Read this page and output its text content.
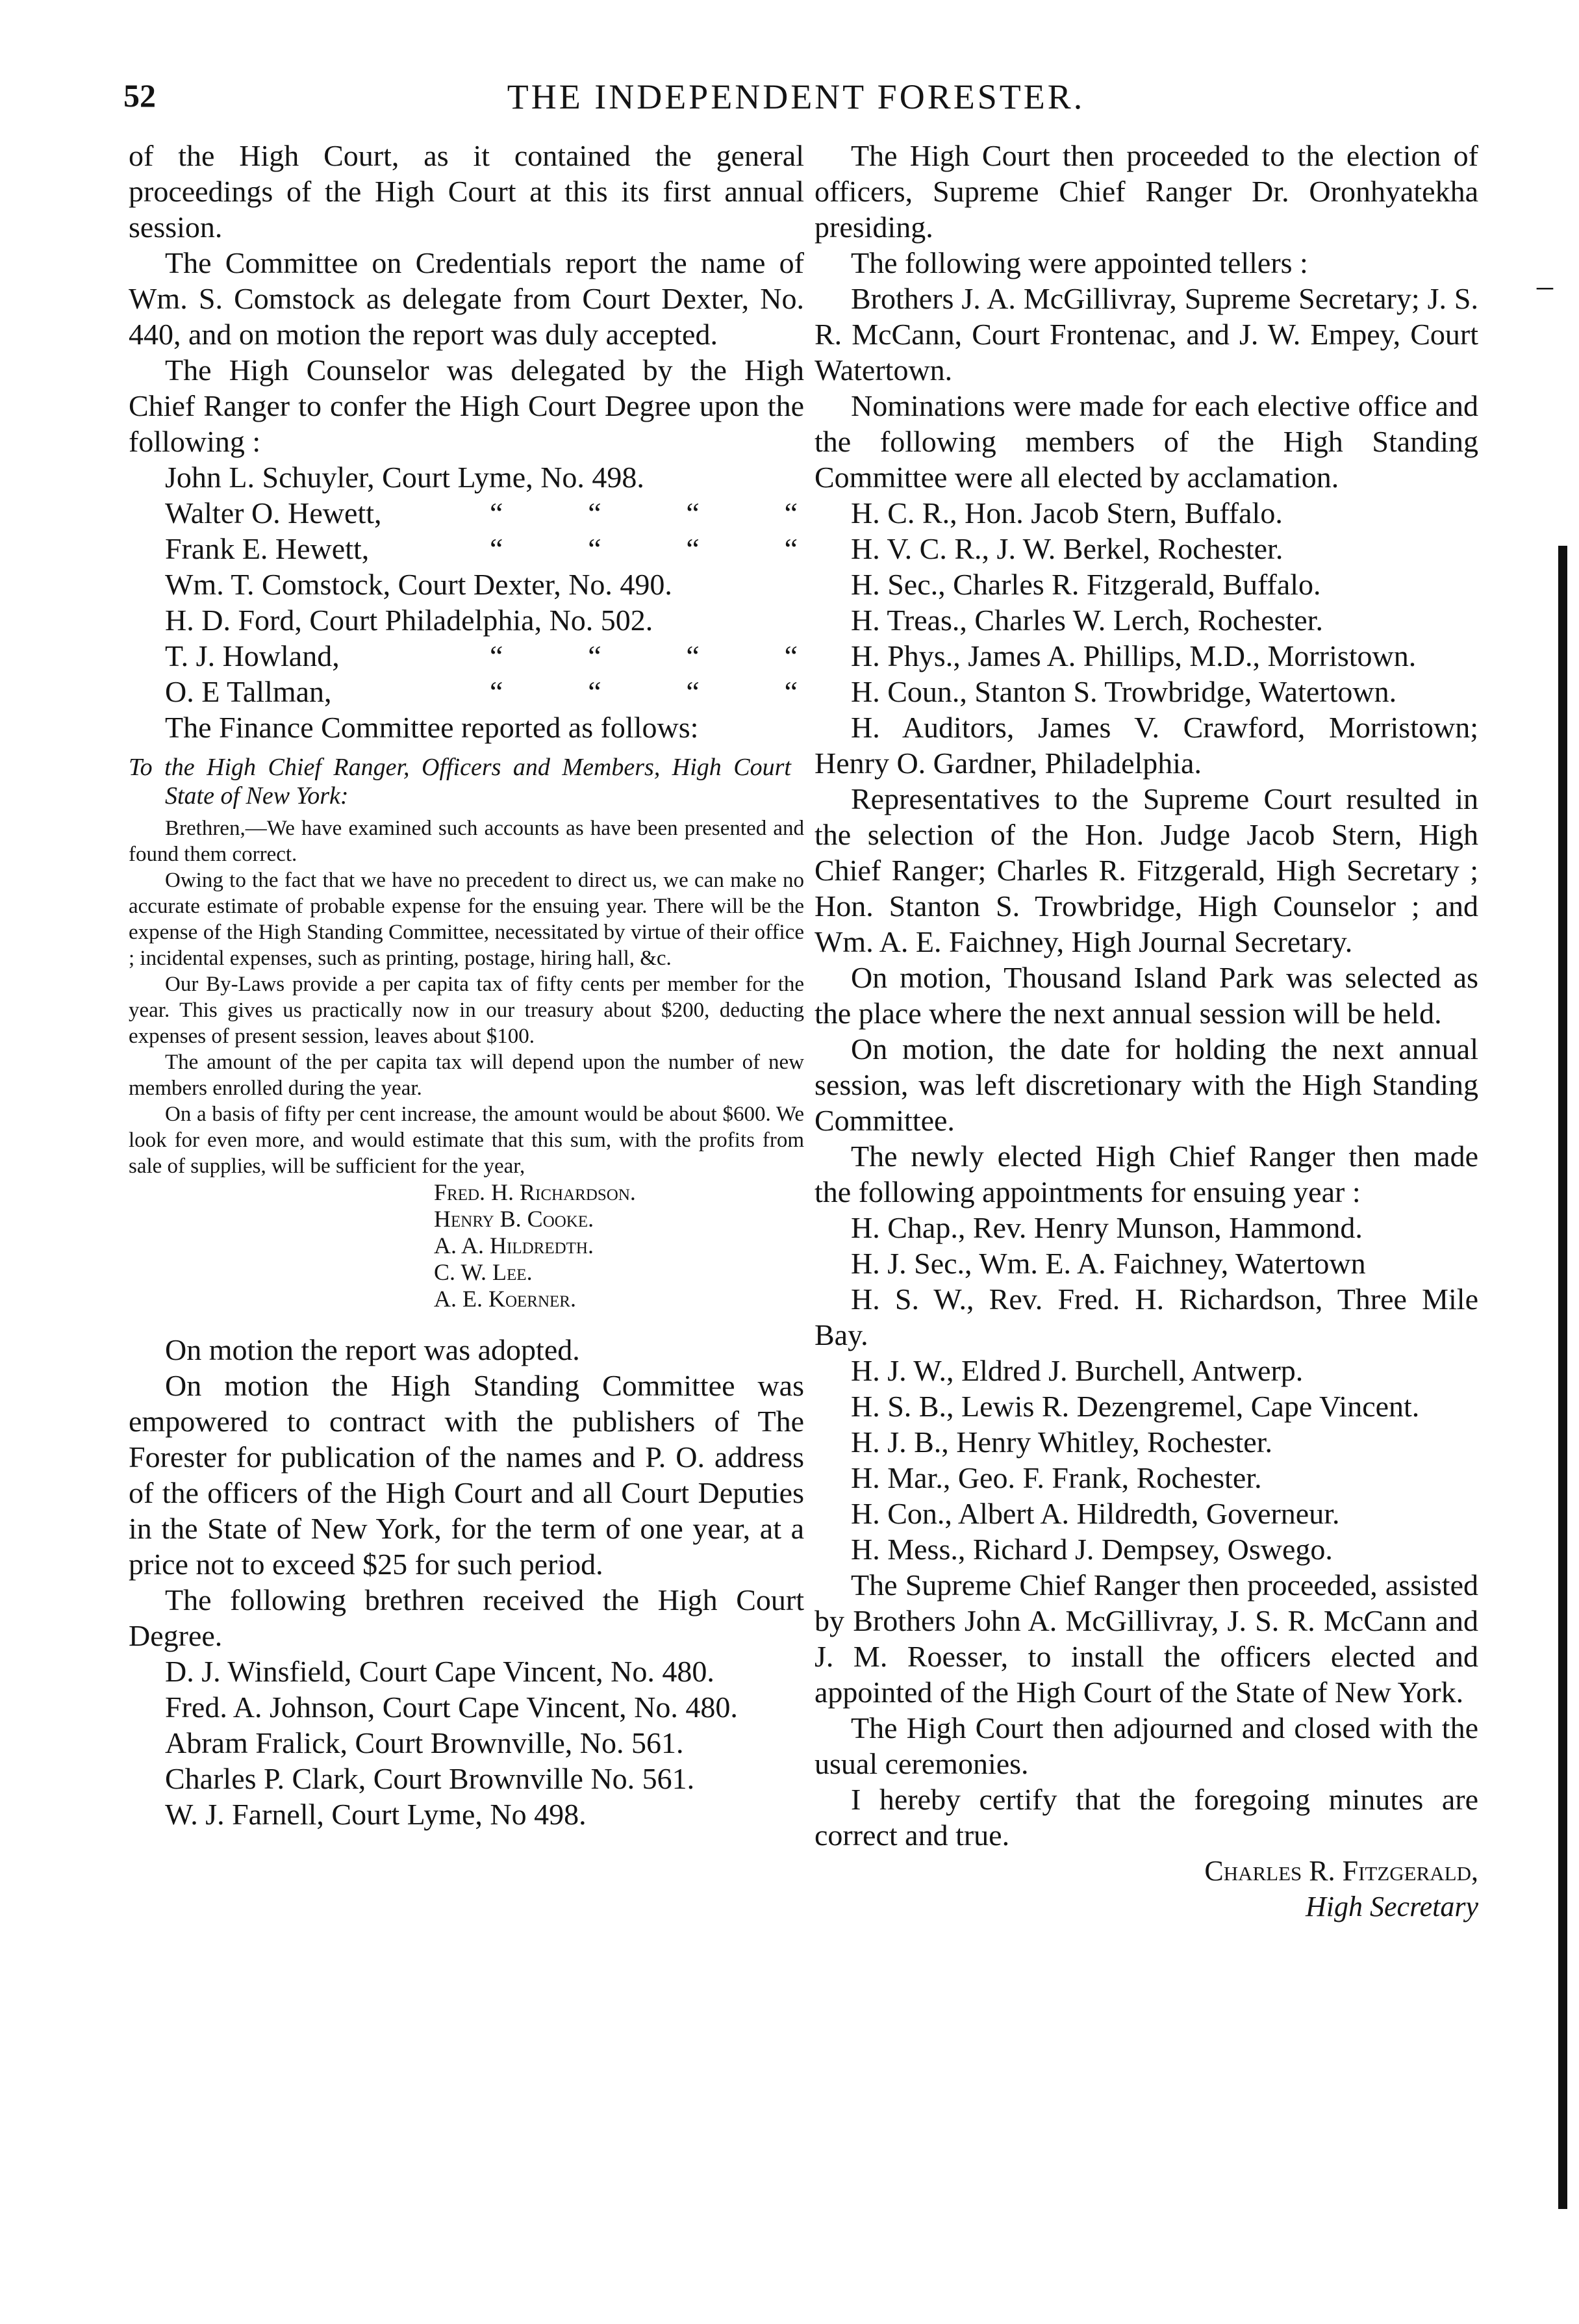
52	THE INDEPENDENT FORESTER.

of the High Court, as it contained the general proceedings of the High Court at this its first annual session.

The Committee on Credentials report the name of Wm. S. Comstock as delegate from Court Dexter, No. 440, and on motion the report was duly accepted.

The High Counselor was delegated by the High Chief Ranger to confer the High Court Degree upon the following :

John L. Schuyler, Court Lyme, No. 498.
Walter O. Hewett,	“	“	“	“
Frank E. Hewett,	“	“	“	“
Wm. T. Comstock, Court Dexter, No. 490.
H. D. Ford, Court Philadelphia, No. 502.
T. J. Howland,	“	“	“	“
O. E Tallman,	“	“	“	“

The Finance Committee reported as follows:

To the High Chief Ranger, Officers and Members, High Court State of New York:

Brethren,—We have examined such accounts as have been presented and found them correct.

Owing to the fact that we have no precedent to direct us, we can make no accurate estimate of probable expense for the ensuing year. There will be the expense of the High Standing Committee, necessitated by virtue of their office ; incidental expenses, such as printing, postage, hiring hall, &c.

Our By-Laws provide a per capita tax of fifty cents per member for the year. This gives us practically now in our treasury about $200, deducting expenses of present session, leaves about $100.

The amount of the per capita tax will depend upon the number of new members enrolled during the year.

On a basis of fifty per cent increase, the amount would be about $600. We look for even more, and would estimate that this sum, with the profits from sale of supplies, will be sufficient for the year,

Fred. H. Richardson.

Henry B. Cooke.

A. A. Hildredth.

C. W. Lee.

A. E. Koerner.

On motion the report was adopted.

On motion the High Standing Committee was empowered to contract with the publishers of The Forester for publication of the names and P. O. address of the officers of the High Court and all Court Deputies in the State of New York, for the term of one year, at a price not to exceed $25 for such period.

The following brethren received the High Court Degree.

D. J. Winsfield, Court Cape Vincent, No. 480.

Fred. A. Johnson, Court Cape Vincent, No. 480.

Abram Fralick, Court Brownville, No. 561.

Charles P. Clark, Court Brownville No. 561.

W. J. Farnell, Court Lyme, No 498.

The High Court then proceeded to the election of officers, Supreme Chief Ranger Dr. Oronhyatekha presiding.

The following were appointed tellers :

Brothers J. A. McGillivray, Supreme Secretary; J. S. R. McCann, Court Frontenac, and J. W. Empey, Court Watertown.

Nominations were made for each elective office and the following members of the High Standing Committee were all elected by acclamation.

H. C. R., Hon. Jacob Stern, Buffalo.

H. V. C. R., J. W. Berkel, Rochester.

H. Sec., Charles R. Fitzgerald, Buffalo.

H. Treas., Charles W. Lerch, Rochester.

H. Phys., James A. Phillips, M.D., Morristown.

H. Coun., Stanton S. Trowbridge, Watertown.

H. Auditors, James V. Crawford, Morristown; Henry O. Gardner, Philadelphia.

Representatives to the Supreme Court resulted in the selection of the Hon. Judge Jacob Stern, High Chief Ranger; Charles R. Fitzgerald, High Secretary ; Hon. Stanton S. Trowbridge, High Counselor ; and Wm. A. E. Faichney, High Journal Secretary.

On motion, Thousand Island Park was selected as the place where the next annual session will be held.

On motion, the date for holding the next annual session, was left discretionary with the High Standing Committee.

The newly elected High Chief Ranger then made the following appointments for ensuing year :

H. Chap., Rev. Henry Munson, Hammond.

H. J. Sec., Wm. E. A. Faichney, Watertown

H. S. W., Rev. Fred. H. Richardson, Three Mile Bay.

H. J. W., Eldred J. Burchell, Antwerp.

H. S. B., Lewis R. Dezengremel, Cape Vincent.

H. J. B., Henry Whitley, Rochester.

H. Mar., Geo. F. Frank, Rochester.

H. Con., Albert A. Hildredth, Governeur.

H. Mess., Richard J. Dempsey, Oswego.

The Supreme Chief Ranger then proceeded, assisted by Brothers John A. McGillivray, J. S. R. McCann and J. M. Roesser, to install the officers elected and appointed of the High Court of the State of New York.

The High Court then adjourned and closed with the usual ceremonies.

I hereby certify that the foregoing minutes are correct and true.

Charles R. Fitzgerald,

High Secretary

–
